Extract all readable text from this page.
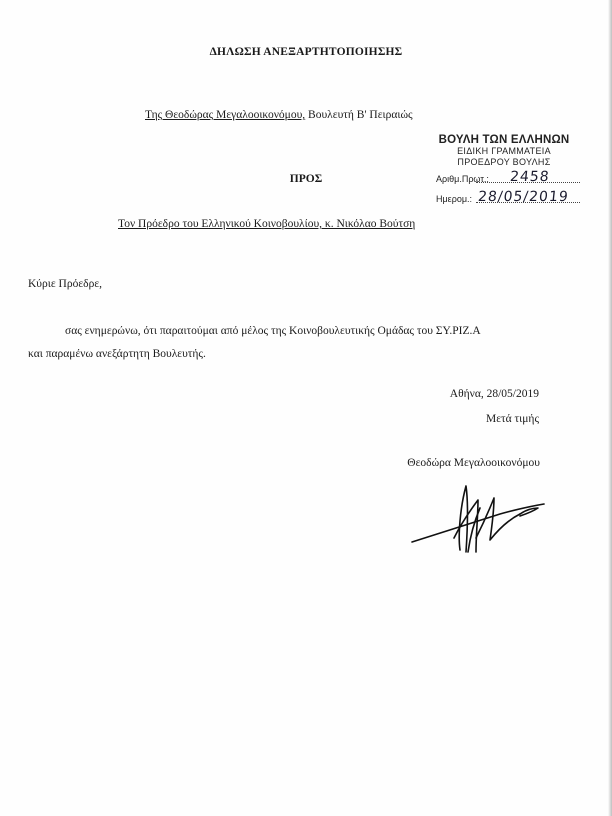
ΔΗΛΩΣΗ ΑΝΕΞΑΡΤΗΤΟΠΟΙΗΣΗΣ
Της Θεοδώρας Μεγαλοοικονόμου, Βουλευτή Β' Πειραιώς
ΒΟΥΛΗ ΤΩΝ ΕΛΛΗΝΩΝ
ΕΙΔΙΚΗ ΓΡΑΜΜΑΤΕΙΑ
ΠΡΟΕΔΡΟΥ ΒΟΥΛΗΣ
Αριθμ.Πρωτ.: 2458
Ημερομ.: 28/05/2019
ΠΡΟΣ
Τον Πρόεδρο του Ελληνικού Κοινοβουλίου, κ. Νικόλαο Βούτση
Κύριε Πρόεδρε,
σας ενημερώνω, ότι παραιτούμαι από μέλος της Κοινοβουλευτικής Ομάδας του ΣΥ.ΡΙΖ.Α
και παραμένω ανεξάρτητη Βουλευτής.
Αθήνα, 28/05/2019
Μετά τιμής
Θεοδώρα Μεγαλοοικονόμου
